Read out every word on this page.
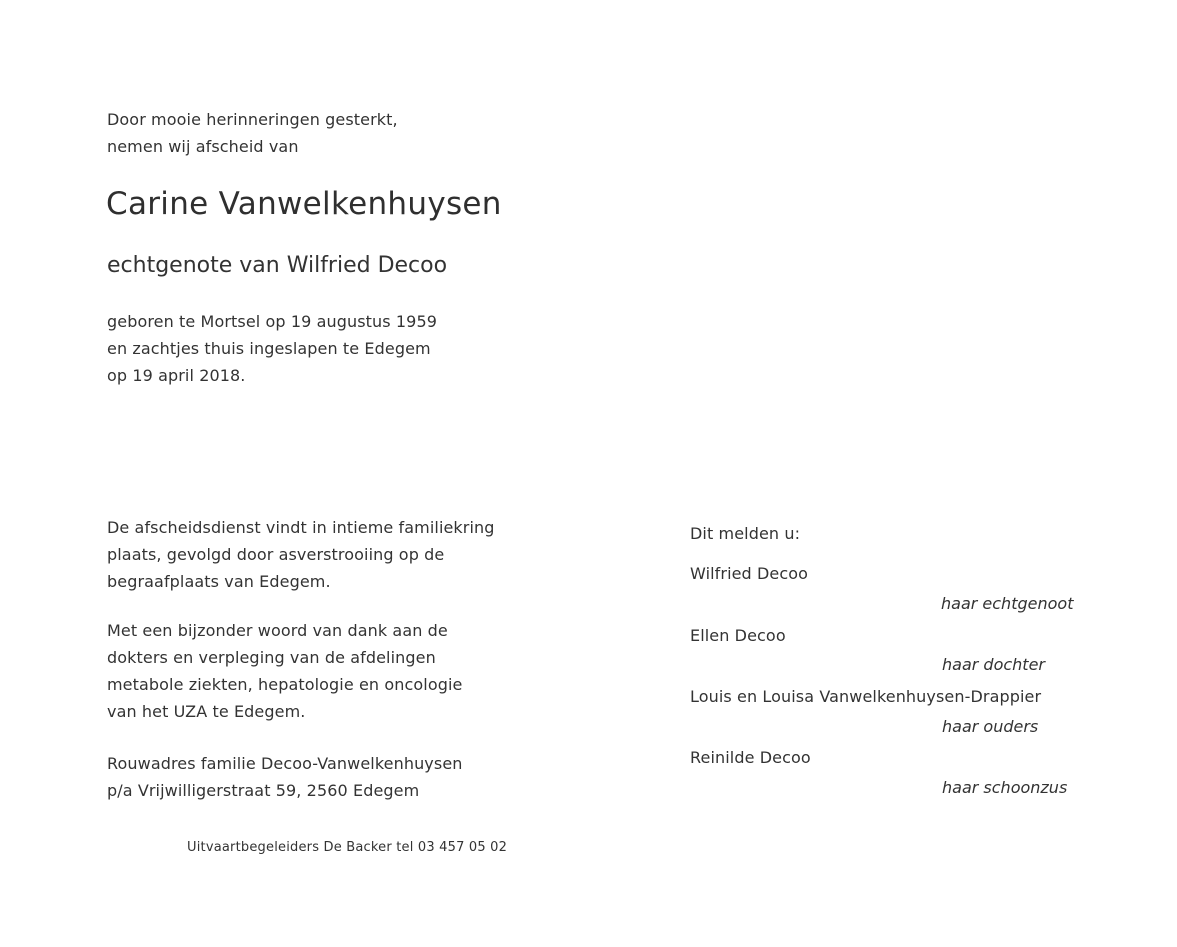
Door mooie herinneringen gesterkt,
nemen wij afscheid van
Carine Vanwelkenhuysen
echtgenote van Wilfried Decoo
geboren te Mortsel op 19 augustus 1959
en zachtjes thuis ingeslapen te Edegem
op 19 april 2018.
De afscheidsdienst vindt in intieme familiekring
plaats, gevolgd door asverstrooiing op de
begraafplaats van Edegem.
Met een bijzonder woord van dank aan de
dokters en verpleging van de afdelingen
metabole ziekten, hepatologie en oncologie
van het UZA te Edegem.
Rouwadres familie Decoo-Vanwelkenhuysen
p/a Vrijwilligerstraat 59, 2560 Edegem
Uitvaartbegeleiders De Backer tel 03 457 05 02
Dit melden u:
Wilfried Decoo
haar echtgenoot
Ellen Decoo
haar dochter
Louis en Louisa Vanwelkenhuysen-Drappier
haar ouders
Reinilde Decoo
haar schoonzus
